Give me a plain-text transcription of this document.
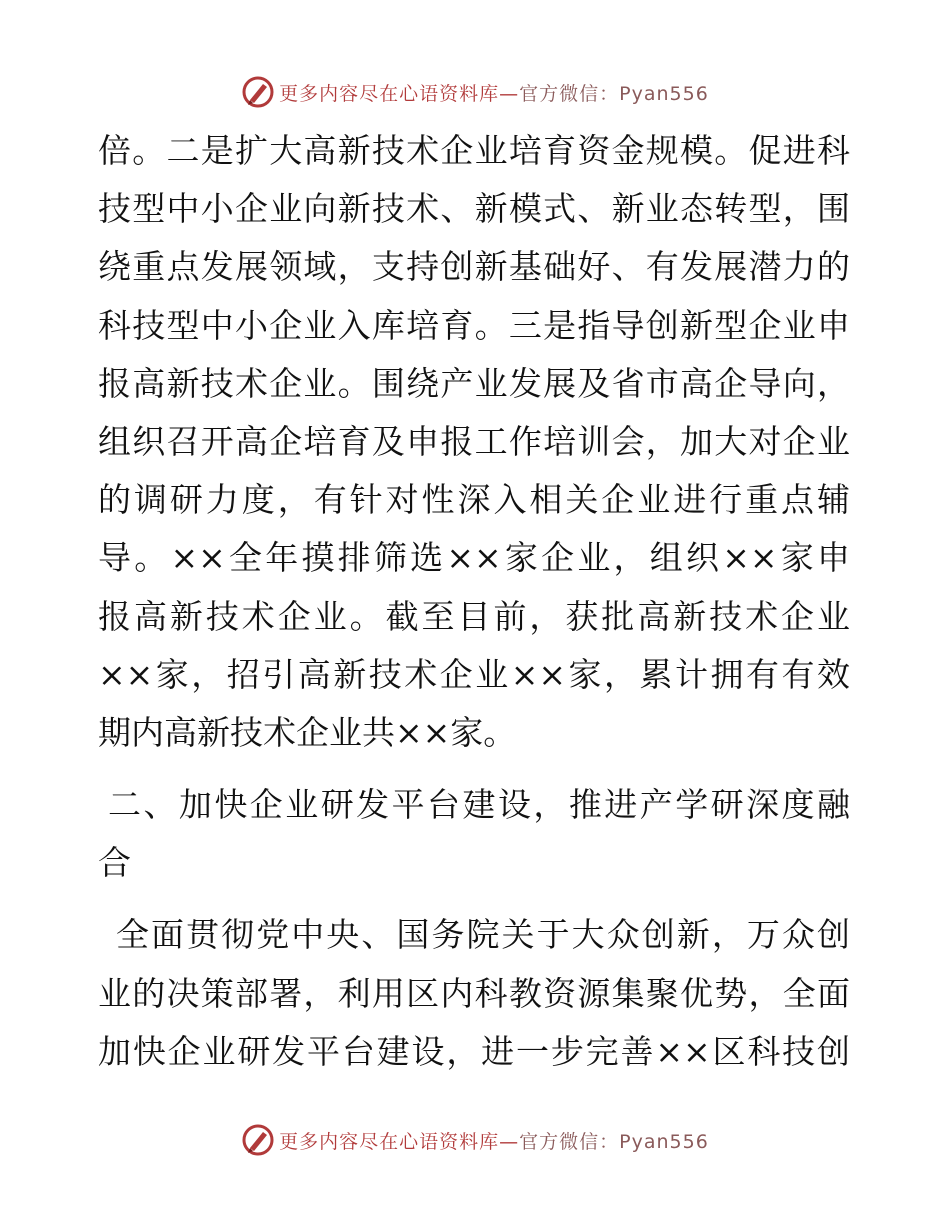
更多内容尽在心语资料库—官方微信：Pyan556
倍。二是扩大高新技术企业培育资金规模。促进科
技型中小企业向新技术、新模式、新业态转型，围
绕重点发展领域，支持创新基础好、有发展潜力的
科技型中小企业入库培育。三是指导创新型企业申
报高新技术企业。围绕产业发展及省市高企导向，
组织召开高企培育及申报工作培训会，加大对企业
的调研力度，有针对性深入相关企业进行重点辅
导。××全年摸排筛选××家企业，组织××家申
报高新技术企业。截至目前，获批高新技术企业
××家，招引高新技术企业××家，累计拥有有效
期内高新技术企业共××家。
二、加快企业研发平台建设，推进产学研深度融
合
全面贯彻党中央、国务院关于大众创新，万众创
业的决策部署，利用区内科教资源集聚优势，全面
加快企业研发平台建设，进一步完善××区科技创
更多内容尽在心语资料库—官方微信：Pyan556
